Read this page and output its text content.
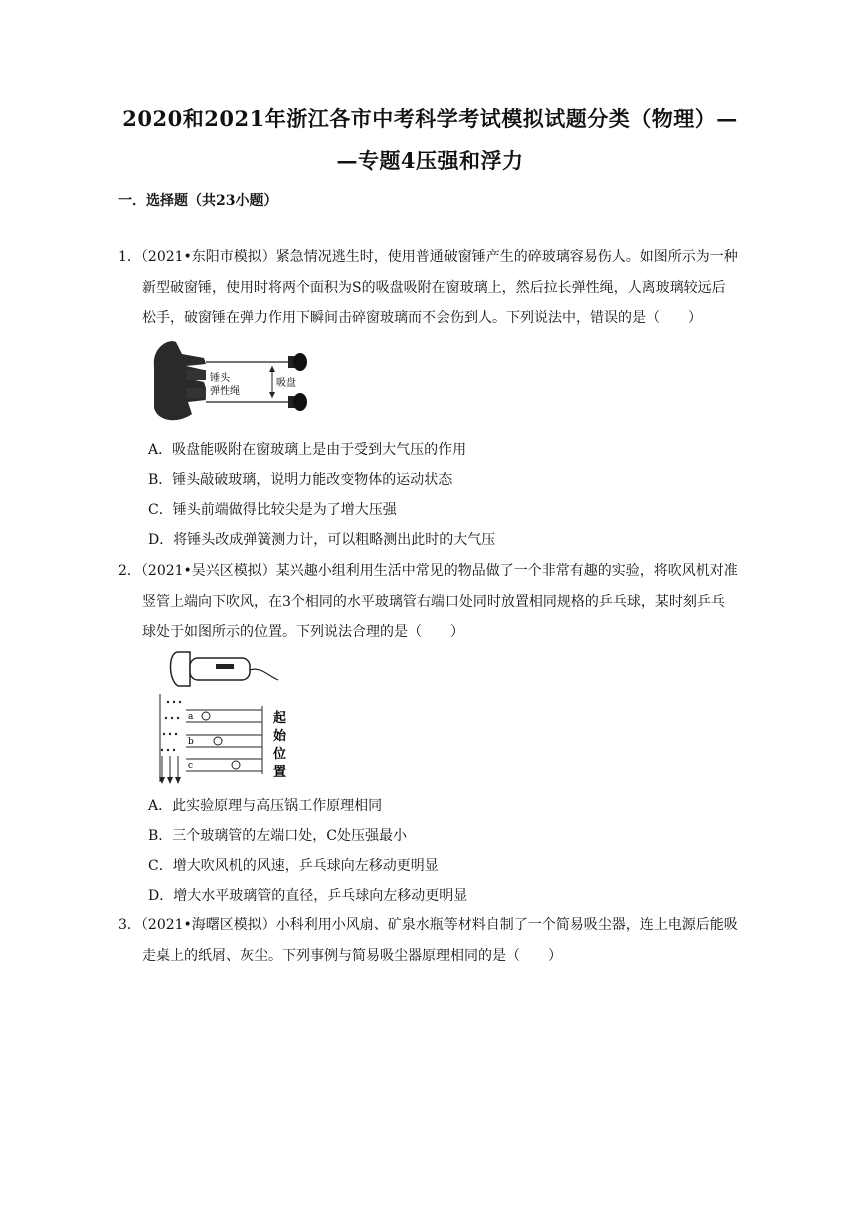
2020和2021年浙江各市中考科学考试模拟试题分类（物理）—
—专题4压强和浮力
一．选择题（共23小题）

1．（2021•东阳市模拟）紧急情况逃生时，使用普通破窗锤产生的碎玻璃容易伤人。如图所示为一种新型破窗锤，使用时将两个面积为S的吸盘吸附在窗玻璃上，然后拉长弹性绳，人离玻璃较远后松手，破窗锤在弹力作用下瞬间击碎窗玻璃而不会伤到人。下列说法中，错误的是（　　）

锤头
弹性绳
吸盘
A．吸盘能吸附在窗玻璃上是由于受到大气压的作用
B．锤头敲破玻璃，说明力能改变物体的运动状态
C．锤头前端做得比较尖是为了增大压强
D．将锤头改成弹簧测力计，可以粗略测出此时的大气压

2．（2021•吴兴区模拟）某兴趣小组利用生活中常见的物品做了一个非常有趣的实验，将吹风机对准竖管上端向下吹风，在3个相同的水平玻璃管右端口处同时放置相同规格的乒乓球，某时刻乒乓球处于如图所示的位置。下列说法合理的是（　　）

a
b
c
起
始
位
置
A．此实验原理与高压锅工作原理相同
B．三个玻璃管的左端口处，C处压强最小
C．增大吹风机的风速，乒乓球向左移动更明显
D．增大水平玻璃管的直径，乒乓球向左移动更明显

3．（2021•海曙区模拟）小科利用小风扇、矿泉水瓶等材料自制了一个简易吸尘器，连上电源后能吸走桌上的纸屑、灰尘。下列事例与简易吸尘器原理相同的是（　　）
